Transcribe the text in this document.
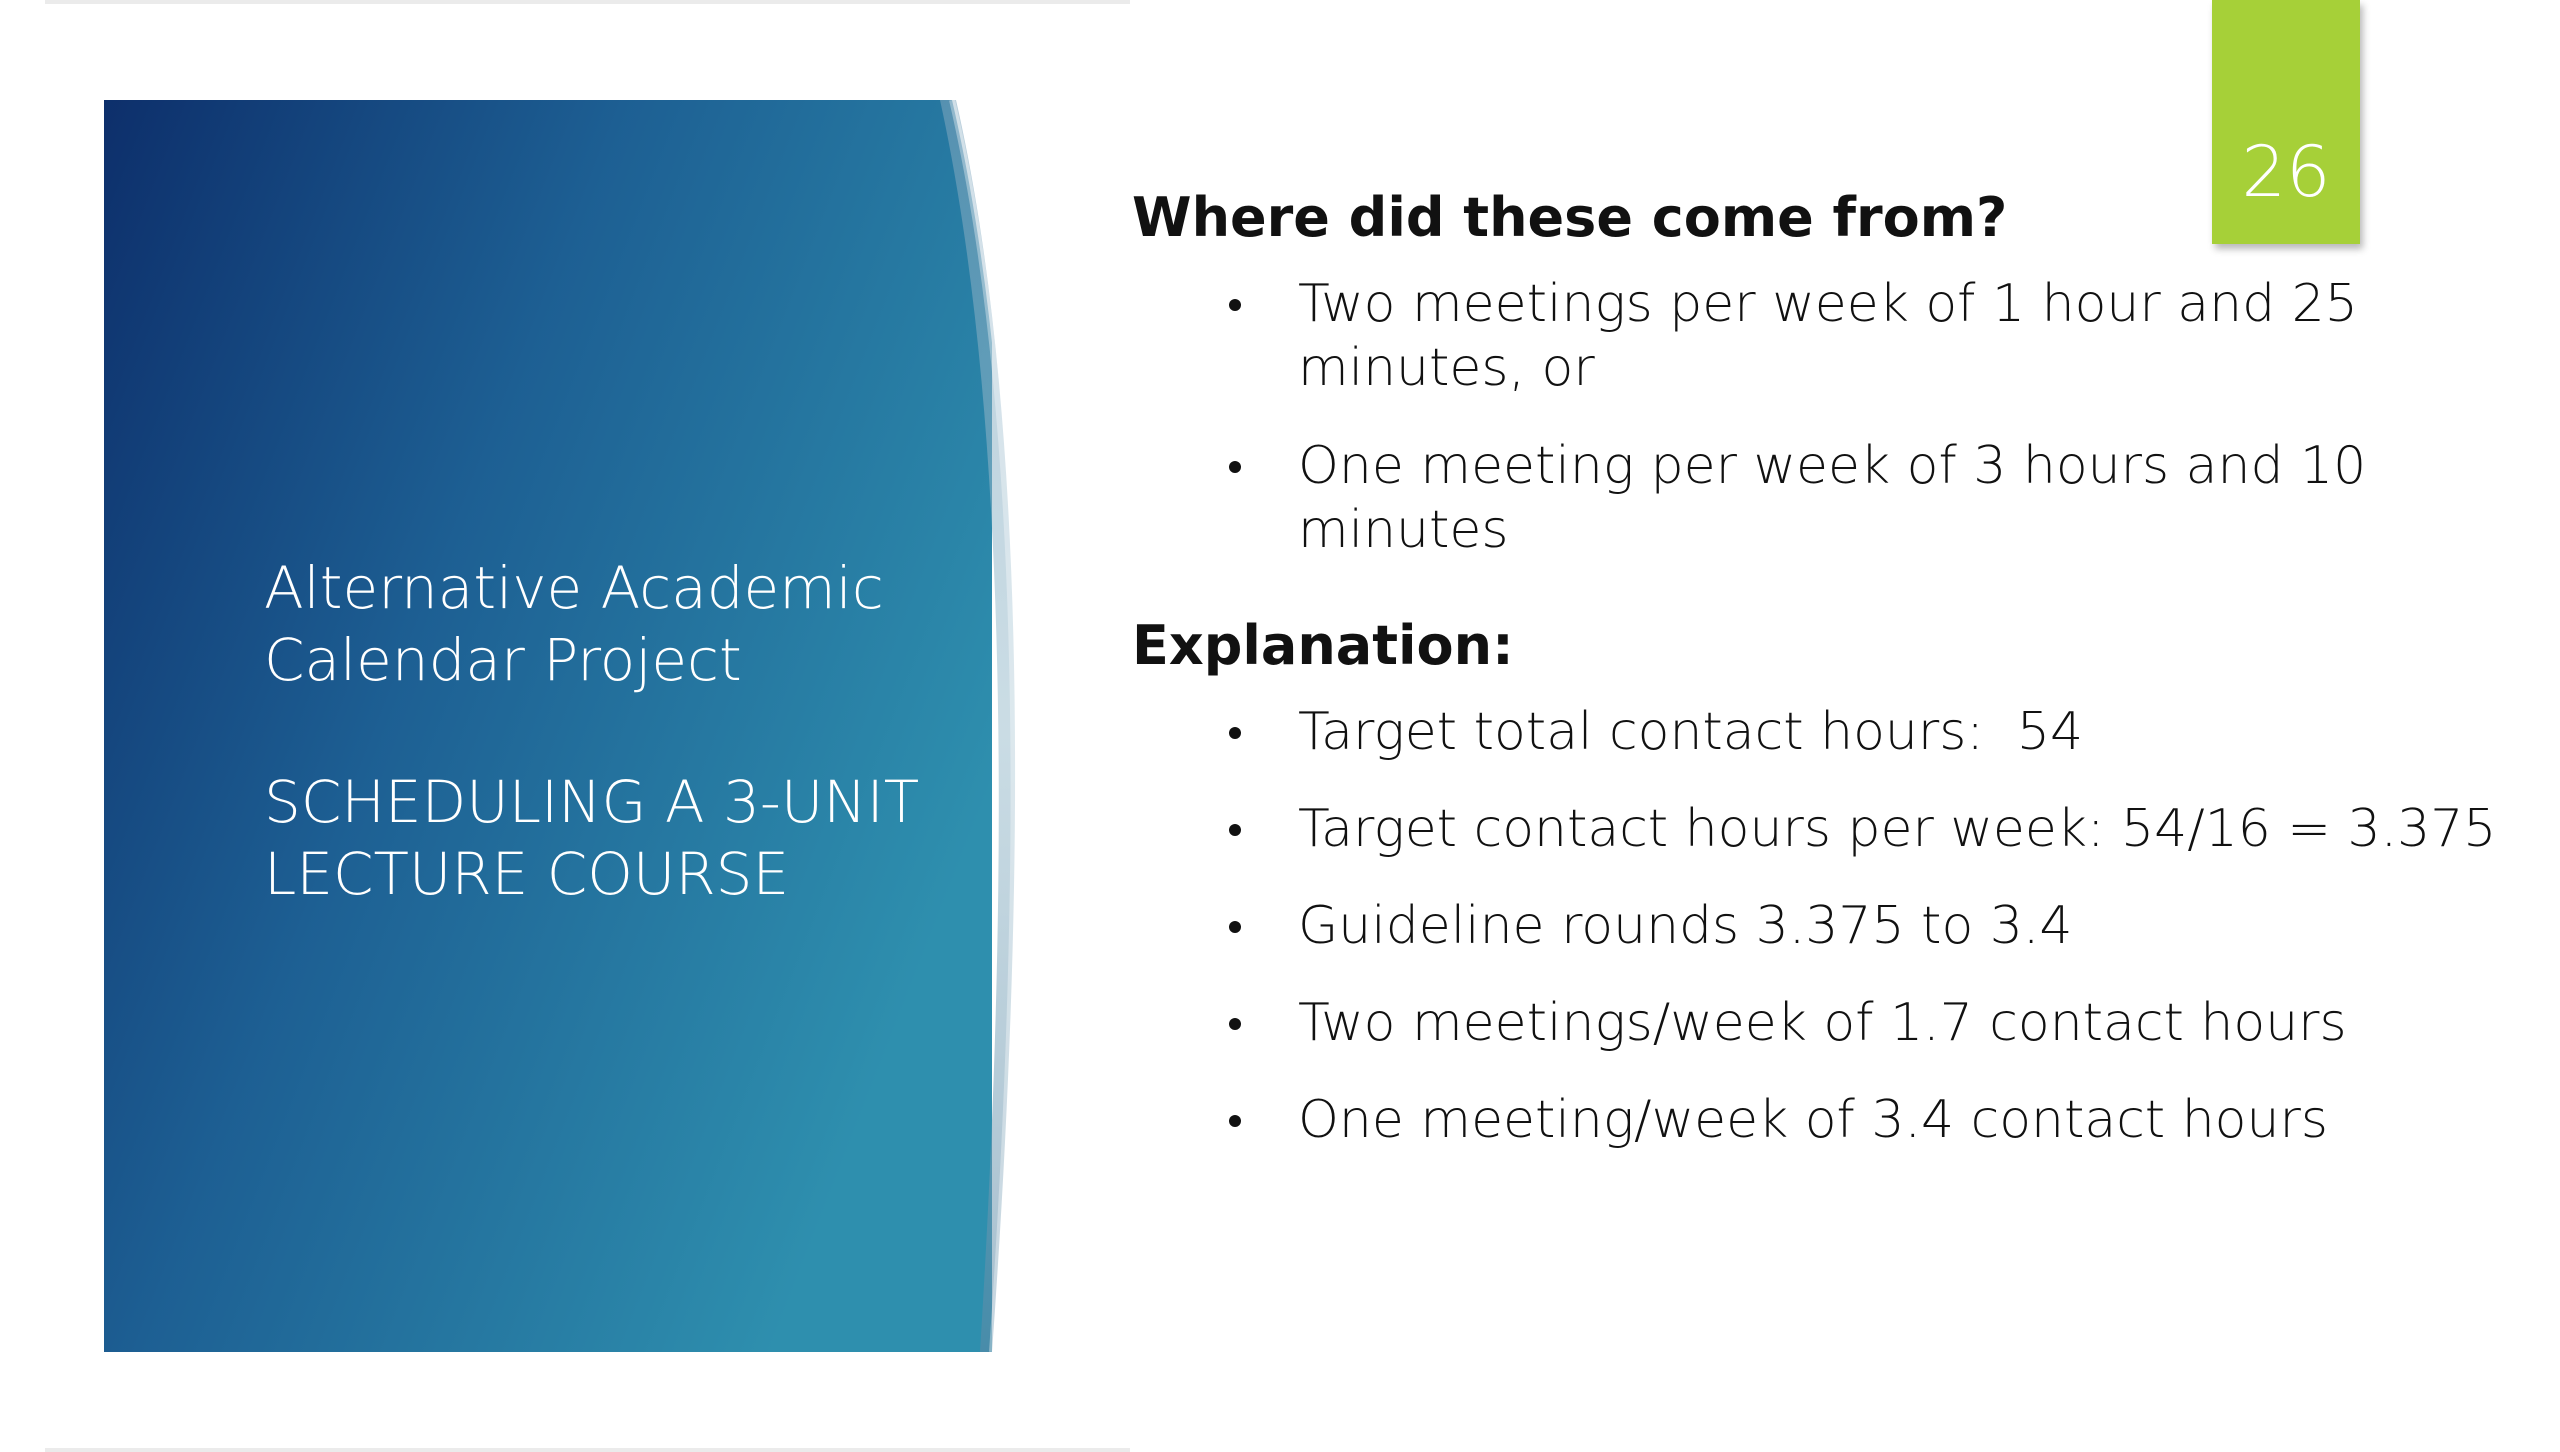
Alternative Academic
Calendar Project
SCHEDULING A 3-UNIT
LECTURE COURSE
26
Where did these come from?
Two meetings per week of 1 hour and 25 minutes, or
One meeting per week of 3 hours and 10 minutes
Explanation:
Target total contact hours:  54
Target contact hours per week: 54/16 = 3.375
Guideline rounds 3.375 to 3.4
Two meetings/week of 1.7 contact hours
One meeting/week of 3.4 contact hours
